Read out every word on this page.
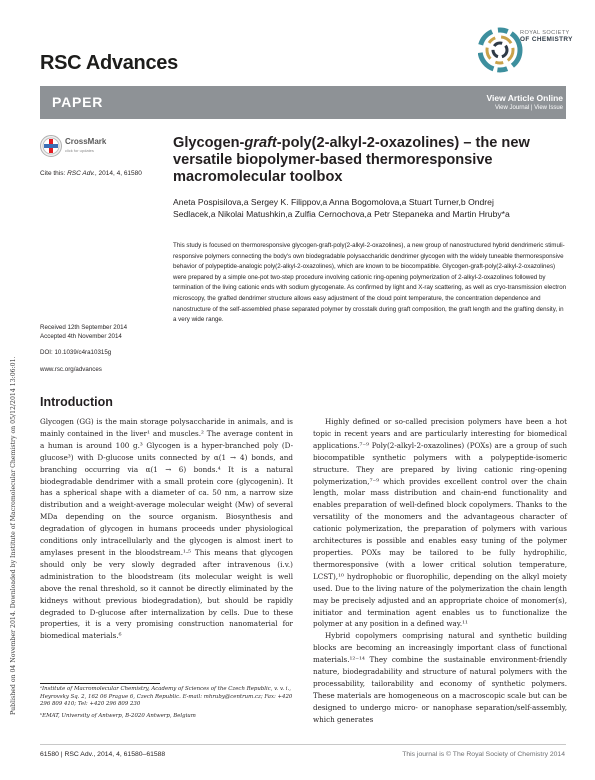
RSC Advances
ROYAL SOCIETY
OF CHEMISTRY
PAPER	View Article Online
View Journal | View Issue
Published on 04 November 2014. Downloaded by Institute of Macromolecular Chemistry on 05/12/2014 13:06:01.
CrossMark
click for updates
Cite this: RSC Adv., 2014, 4, 61580
Glycogen-graft-poly(2-alkyl-2-oxazolines) – the new versatile biopolymer-based thermoresponsive macromolecular toolbox
Aneta Pospisilova,a Sergey K. Filippov,a Anna Bogomolova,a Stuart Turner,b Ondrej Sedlacek,a Nikolai Matushkin,a Zulfia Cernochova,a Petr Stepaneka and Martin Hruby*a
This study is focused on thermoresponsive glycogen-graft-poly(2-alkyl-2-oxazolines), a new group of nanostructured hybrid dendrimeric stimuli-responsive polymers connecting the body's own biodegradable polysaccharidic dendrimer glycogen with the widely tuneable thermoresponsive behavior of polypeptide-analogic poly(2-alkyl-2-oxazolines), which are known to be biocompatible. Glycogen-graft-poly(2-alkyl-2-oxazolines) were prepared by a simple one-pot two-step procedure involving cationic ring-opening polymerization of 2-alkyl-2-oxazolines followed by termination of the living cationic ends with sodium glycogenate. As confirmed by light and X-ray scattering, as well as cryo-transmission electron microscopy, the grafted dendrimer structure allows easy adjustment of the cloud point temperature, the concentration dependence and nanostructure of the self-assembled phase separated polymer by crosstalk during graft composition, the graft length and the grafting density, in a very wide range.
Received 12th September 2014
Accepted 4th November 2014
DOI: 10.1039/c4ra10315g
www.rsc.org/advances
Introduction

Glycogen (GG) is the main storage polysaccharide in animals, and is mainly contained in the liver¹ and muscles.² The average content in a human is around 100 g.³ Glycogen is a hyper-branched poly (D-glucose³) with D-glucose units connected by α(1 → 4) bonds, and branching occurring via α(1 → 6) bonds.⁴ It is a natural biodegradable dendrimer with a small protein core (glycogenin). It has a spherical shape with a diameter of ca. 50 nm, a narrow size distribution and a weight-average molecular weight (Mw) of several MDa depending on the source organism. Biosynthesis and degradation of glycogen in humans proceeds under physiological conditions only intracellularly and the glycogen is almost inert to amylases present in the bloodstream.¹·⁵ This means that glycogen should only be very slowly degraded after intravenous (i.v.) administration to the bloodstream (its molecular weight is well above the renal threshold, so it cannot be directly eliminated by the kidneys without previous biodegradation), but should be rapidly degraded to D-glucose after internalization by cells. Due to these properties, it is a very promising construction nanomaterial for biomedical materials.⁶

Highly defined or so-called precision polymers have been a hot topic in recent years and are particularly interesting for biomedical applications.⁷⁻⁹ Poly(2-alkyl-2-oxazolines) (POXs) are a group of such biocompatible synthetic polymers with a polypeptide-isomeric structure. They are prepared by living cationic ring-opening polymerization,⁷⁻⁹ which provides excellent control over the chain length, molar mass distribution and chain-end functionality and enables preparation of well-defined block copolymers. Thanks to the versatility of the monomers and the advantageous character of cationic polymerization, the preparation of polymers with various architectures is possible and enables easy tuning of the polymer properties. POXs may be tailored to be fully hydrophilic, thermoresponsive (with a lower critical solution temperature, LCST),¹⁰ hydrophobic or fluorophilic, depending on the alkyl moiety used. Due to the living nature of the polymerization the chain length may be precisely adjusted and an appropriate choice of monomer(s), initiator and termination agent enables us to functionalize the polymer at any position in a defined way.¹¹

Hybrid copolymers comprising natural and synthetic building blocks are becoming an increasingly important class of functional materials.¹²⁻¹⁴ They combine the sustainable environment-friendly nature, biodegradability and structure of natural polymers with the processability, tailorability and economy of synthetic polymers. These materials are homogeneous on a macroscopic scale but can be designed to undergo micro- or nanophase separation/self-assembly, which generates

ᵃInstitute of Macromolecular Chemistry, Academy of Sciences of the Czech Republic, v. v. i., Heyrovsky Sq. 2, 162 06 Prague 6, Czech Republic. E-mail: mhruby@centrum.cz; Fax: +420 296 809 410; Tel: +420 296 809 230
ᵇEMAT, University of Antwerp, B-2020 Antwerp, Belgium
61580 | RSC Adv., 2014, 4, 61580–61588	This journal is © The Royal Society of Chemistry 2014
